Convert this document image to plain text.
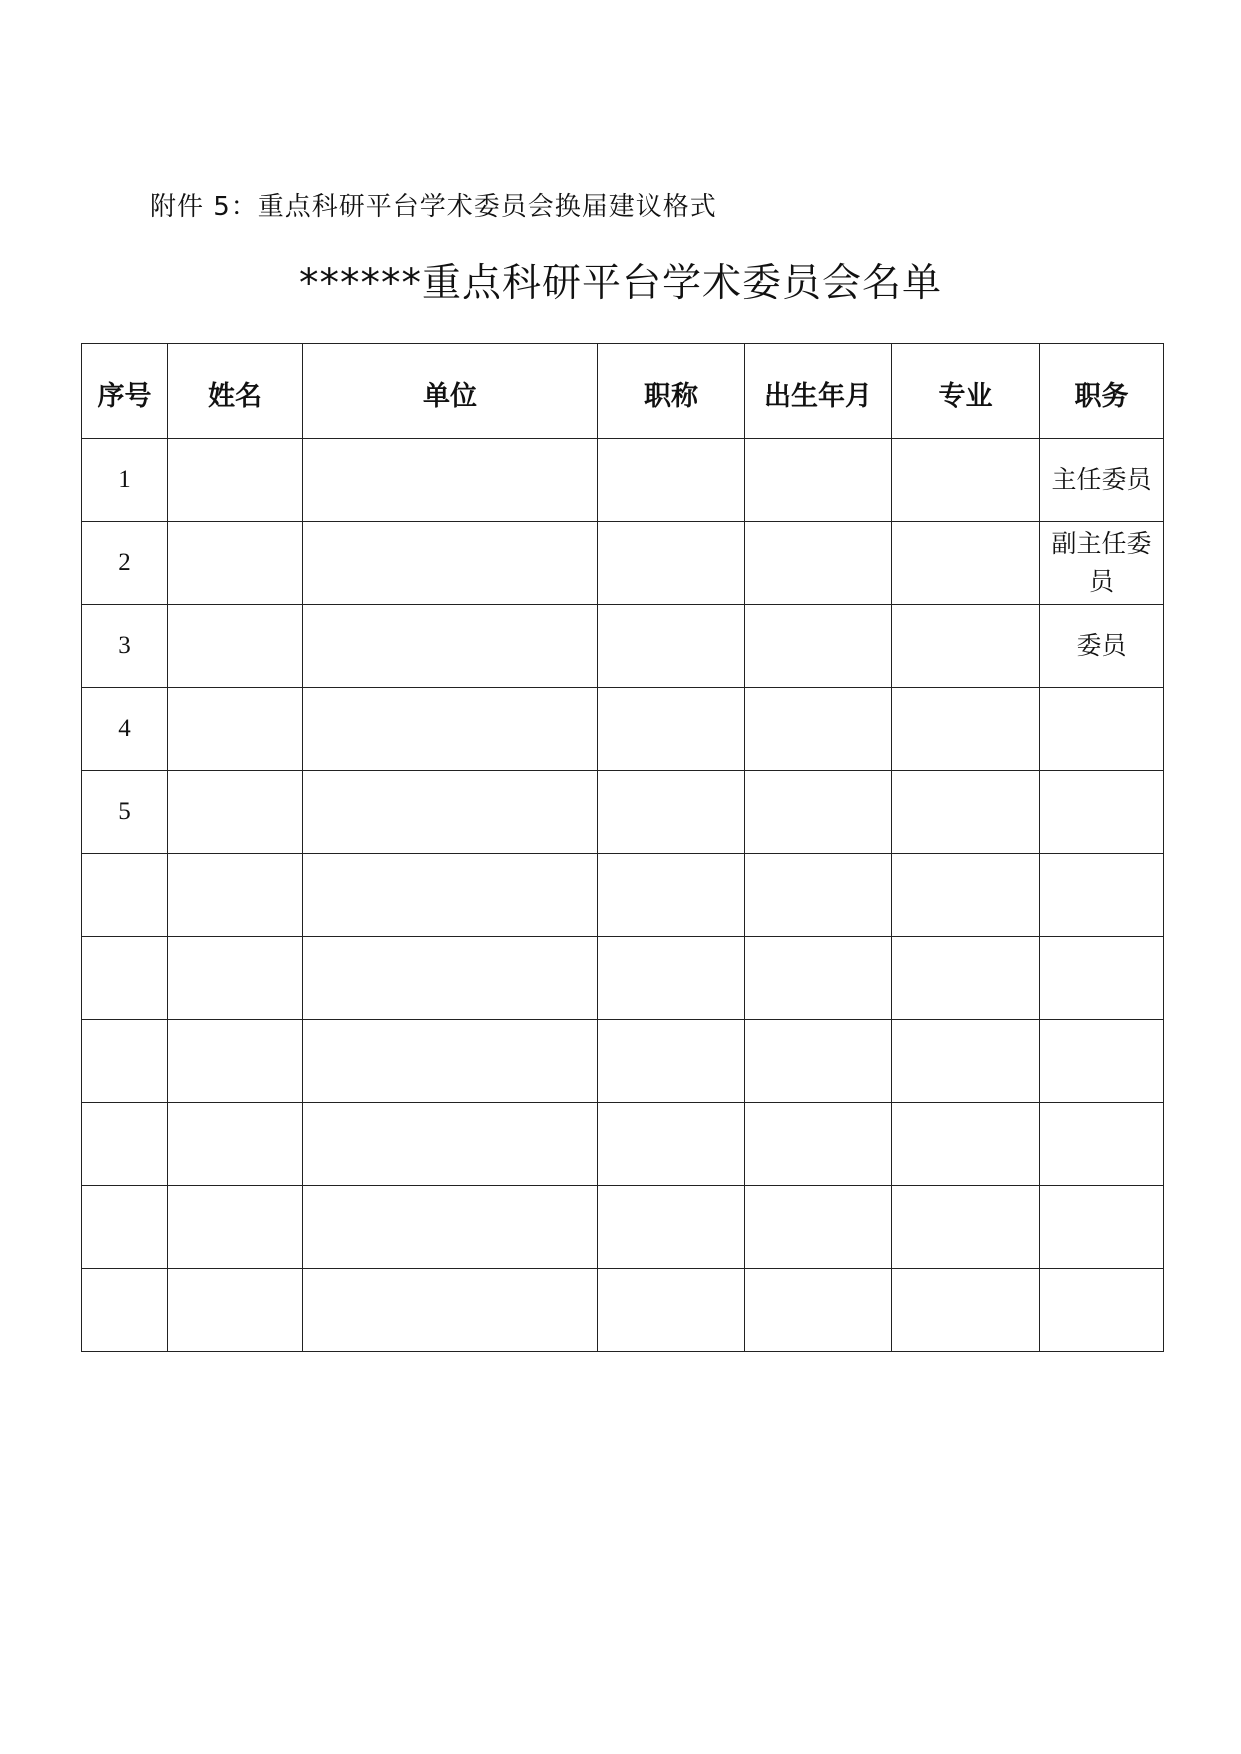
附件 5：重点科研平台学术委员会换届建议格式
******重点科研平台学术委员会名单
序号	姓名	单位	职称	出生年月	专业	职务
1						主任委员
2						副主任委员
3						委员
4						
5						
